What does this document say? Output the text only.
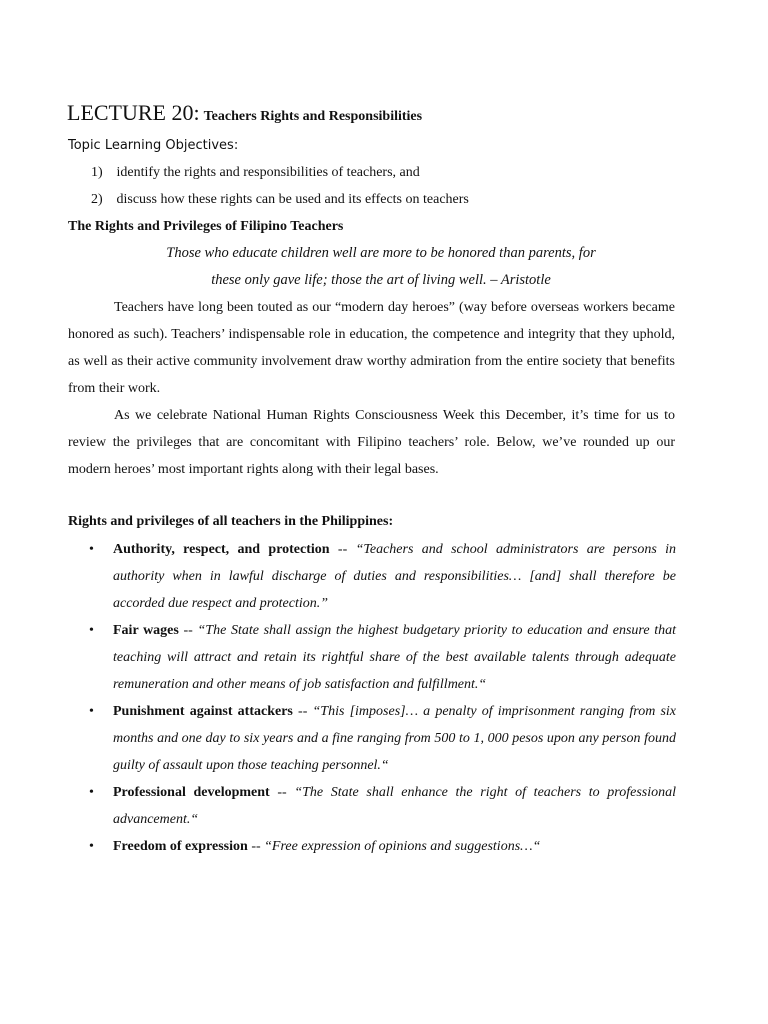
LECTURE 20: Teachers Rights and Responsibilities
Topic Learning Objectives:
1) identify the rights and responsibilities of teachers, and
2) discuss how these rights can be used and its effects on teachers
The Rights and Privileges of Filipino Teachers
Those who educate children well are more to be honored than parents, for
these only gave life; those the art of living well. – Aristotle
Teachers have long been touted as our “modern day heroes” (way before overseas workers became honored as such). Teachers’ indispensable role in education, the competence and integrity that they uphold, as well as their active community involvement draw worthy admiration from the entire society that benefits from their work.
As we celebrate National Human Rights Consciousness Week this December, it’s time for us to review the privileges that are concomitant with Filipino teachers’ role. Below, we’ve rounded up our modern heroes’ most important rights along with their legal bases.
Rights and privileges of all teachers in the Philippines:
• Authority, respect, and protection -- “Teachers and school administrators are persons in authority when in lawful discharge of duties and responsibilities… [and] shall therefore be accorded due respect and protection.”
• Fair wages -- “The State shall assign the highest budgetary priority to education and ensure that teaching will attract and retain its rightful share of the best available talents through adequate remuneration and other means of job satisfaction and fulfillment.“
• Punishment against attackers -- “This [imposes]… a penalty of imprisonment ranging from six months and one day to six years and a fine ranging from 500 to 1, 000 pesos upon any person found guilty of assault upon those teaching personnel.“
• Professional development -- “The State shall enhance the right of teachers to professional advancement.“
• Freedom of expression -- “Free expression of opinions and suggestions…“
